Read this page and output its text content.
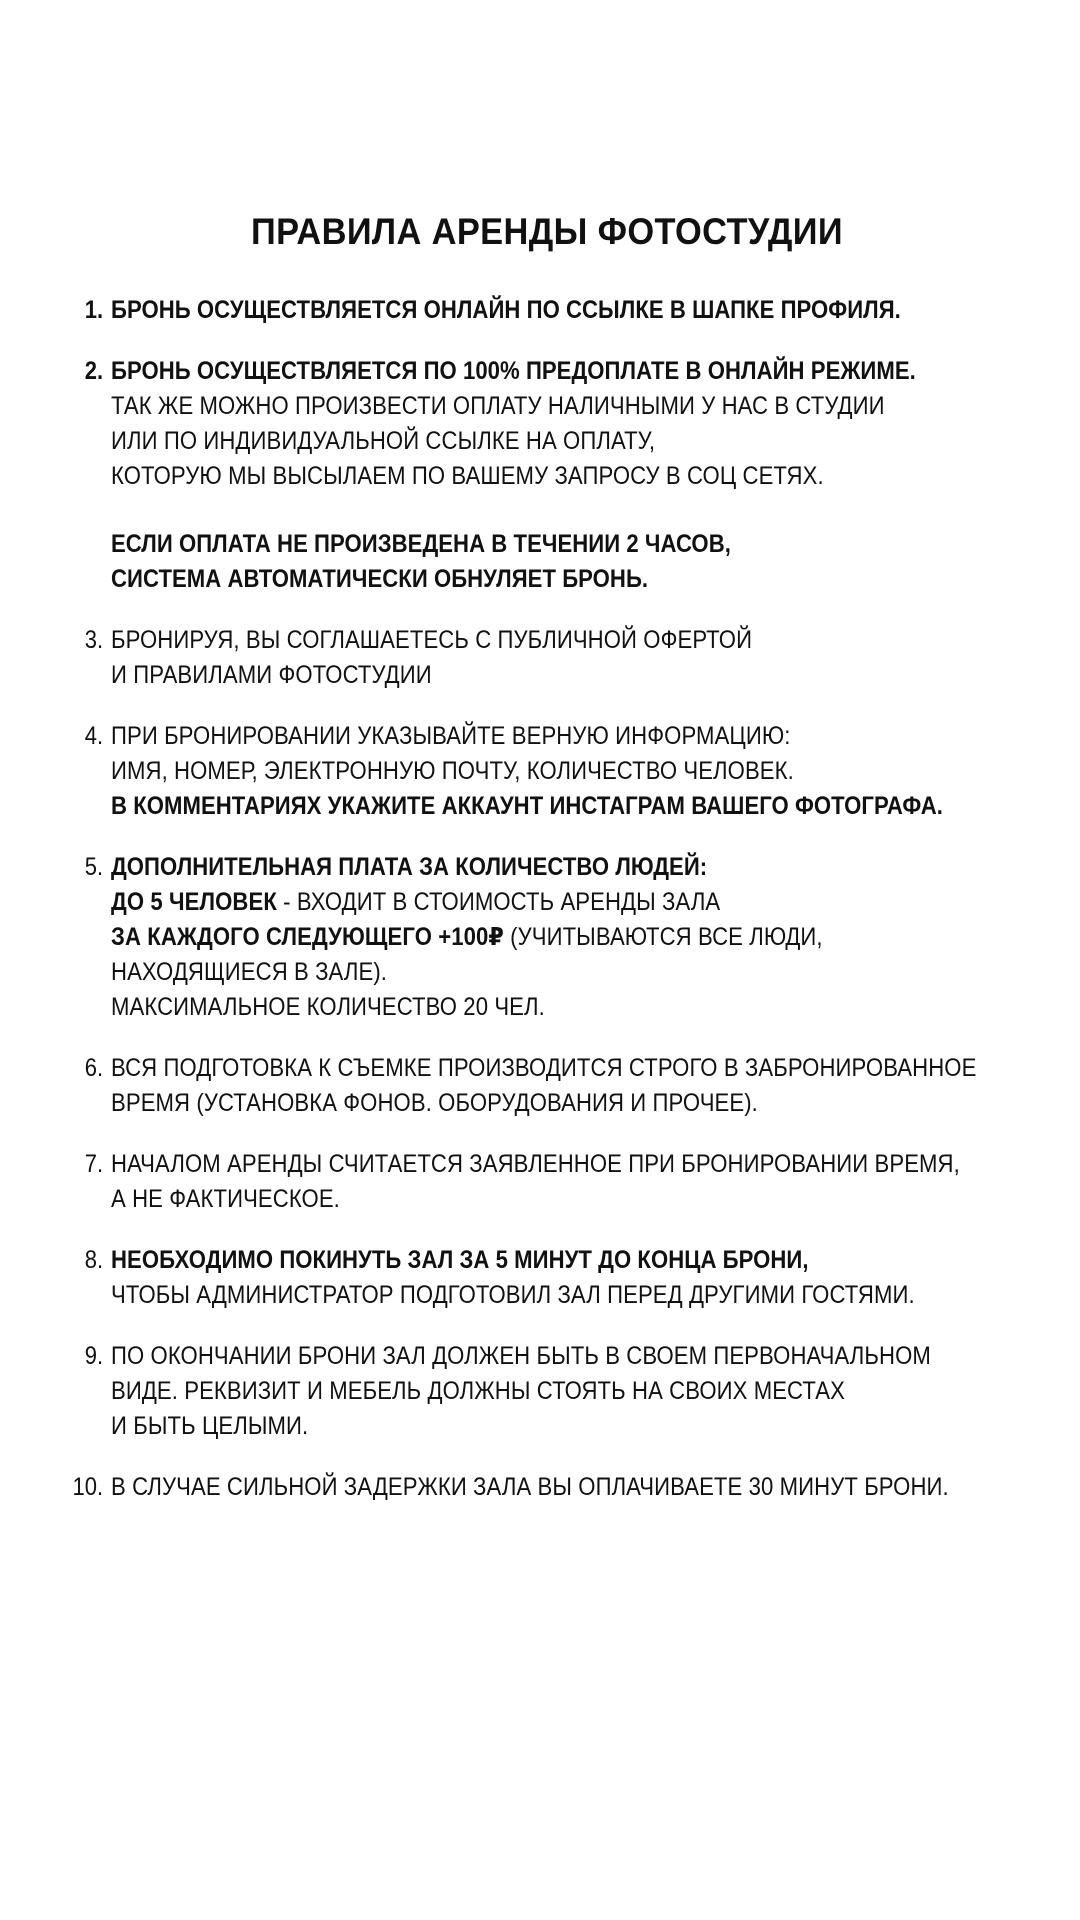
ПРАВИЛА АРЕНДЫ ФОТОСТУДИИ
1. БРОНЬ ОСУЩЕСТВЛЯЕТСЯ ОНЛАЙН ПО ССЫЛКЕ В ШАПКЕ ПРОФИЛЯ.
2. БРОНЬ ОСУЩЕСТВЛЯЕТСЯ ПО 100% ПРЕДОПЛАТЕ В ОНЛАЙН РЕЖИМЕ.
ТАК ЖЕ МОЖНО ПРОИЗВЕСТИ ОПЛАТУ НАЛИЧНЫМИ У НАС В СТУДИИ
ИЛИ ПО ИНДИВИДУАЛЬНОЙ ССЫЛКЕ НА ОПЛАТУ,
КОТОРУЮ МЫ ВЫСЫЛАЕМ ПО ВАШЕМУ ЗАПРОСУ В СОЦ СЕТЯХ.
ЕСЛИ ОПЛАТА НЕ ПРОИЗВЕДЕНА В ТЕЧЕНИИ 2 ЧАСОВ,
СИСТЕМА АВТОМАТИЧЕСКИ ОБНУЛЯЕТ БРОНЬ.
3. БРОНИРУЯ, ВЫ СОГЛАШАЕТЕСЬ С ПУБЛИЧНОЙ ОФЕРТОЙ
И ПРАВИЛАМИ ФОТОСТУДИИ
4. ПРИ БРОНИРОВАНИИ УКАЗЫВАЙТЕ ВЕРНУЮ ИНФОРМАЦИЮ:
ИМЯ, НОМЕР, ЭЛЕКТРОННУЮ ПОЧТУ, КОЛИЧЕСТВО ЧЕЛОВЕК.
В КОММЕНТАРИЯХ УКАЖИТЕ АККАУНТ ИНСТАГРАМ ВАШЕГО ФОТОГРАФА.
5. ДОПОЛНИТЕЛЬНАЯ ПЛАТА ЗА КОЛИЧЕСТВО ЛЮДЕЙ:
ДО 5 ЧЕЛОВЕК - ВХОДИТ В СТОИМОСТЬ АРЕНДЫ ЗАЛА
ЗА КАЖДОГО СЛЕДУЮЩЕГО +100₽ (УЧИТЫВАЮТСЯ ВСЕ ЛЮДИ,
НАХОДЯЩИЕСЯ В ЗАЛЕ).
МАКСИМАЛЬНОЕ КОЛИЧЕСТВО 20 ЧЕЛ.
6. ВСЯ ПОДГОТОВКА К СЪЕМКЕ ПРОИЗВОДИТСЯ СТРОГО В ЗАБРОНИРОВАННОЕ
ВРЕМЯ (УСТАНОВКА ФОНОВ. ОБОРУДОВАНИЯ И ПРОЧЕЕ).
7. НАЧАЛОМ АРЕНДЫ СЧИТАЕТСЯ ЗАЯВЛЕННОЕ ПРИ БРОНИРОВАНИИ ВРЕМЯ,
А НЕ ФАКТИЧЕСКОЕ.
8. НЕОБХОДИМО ПОКИНУТЬ ЗАЛ ЗА 5 МИНУТ ДО КОНЦА БРОНИ,
ЧТОБЫ АДМИНИСТРАТОР ПОДГОТОВИЛ ЗАЛ ПЕРЕД ДРУГИМИ ГОСТЯМИ.
9. ПО ОКОНЧАНИИ БРОНИ ЗАЛ ДОЛЖЕН БЫТЬ В СВОЕМ ПЕРВОНАЧАЛЬНОМ
ВИДЕ. РЕКВИЗИТ И МЕБЕЛЬ ДОЛЖНЫ СТОЯТЬ НА СВОИХ МЕСТАХ
И БЫТЬ ЦЕЛЫМИ.
10. В СЛУЧАЕ СИЛЬНОЙ ЗАДЕРЖКИ ЗАЛА ВЫ ОПЛАЧИВАЕТЕ 30 МИНУТ БРОНИ.
